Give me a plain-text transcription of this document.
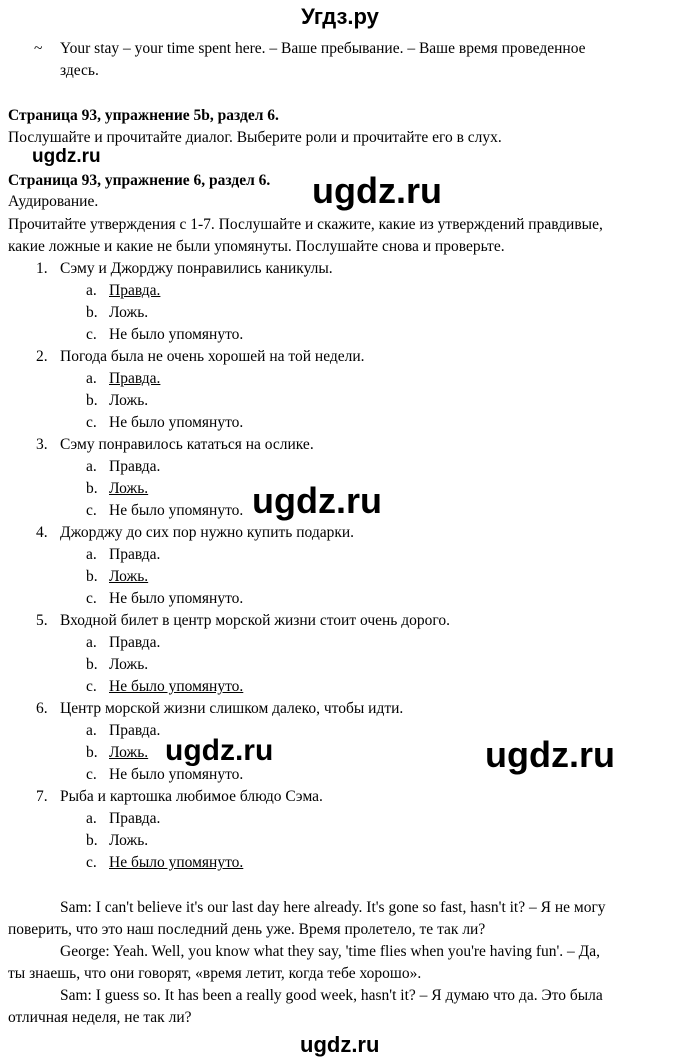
Угдз.ру
~ Your stay – your time spent here. – Ваше пребывание. – Ваше время проведенное
здесь.
Страница 93, упражнение 5b, раздел 6.
Послушайте и прочитайте диалог. Выберите роли и прочитайте его в слух.
ugdz.ru
Страница 93, упражнение 6, раздел 6.
Аудирование.	ugdz.ru
Прочитайте утверждения с 1-7. Послушайте и скажите, какие из утверждений правдивые,
какие ложные и какие не были упомянуты. Послушайте снова и проверьте.
1. Сэму и Джорджу понравились каникулы.
a. Правда.
b. Ложь.
c. Не было упомянуто.
2. Погода была не очень хорошей на той недели.
a. Правда.
b. Ложь.
c. Не было упомянуто.
3. Сэму понравилось кататься на ослике.
a. Правда.
b. Ложь.
c. Не было упомянуто.
4. Джорджу до сих пор нужно купить подарки.
a. Правда.
b. Ложь.
c. Не было упомянуто.
5. Входной билет в центр морской жизни стоит очень дорого.
a. Правда.
b. Ложь.
c. Не было упомянуто.
6. Центр морской жизни слишком далеко, чтобы идти.
a. Правда.
b. Ложь.
c. Не было упомянуто.
7. Рыба и картошка любимое блюдо Сэма.
a. Правда.
b. Ложь.
c. Не было упомянуто.
ugdz.ru
ugdz.ru	ugdz.ru
Sam: I can't believe it's our last day here already. It's gone so fast, hasn't it? – Я не могу
поверить, что это наш последний день уже. Время пролетело, те так ли?
George: Yeah. Well, you know what they say, 'time flies when you're having fun'. – Да,
ты знаешь, что они говорят, «время летит, когда тебе хорошо».
Sam: I guess so. It has been a really good week, hasn't it? – Я думаю что да. Это была
отличная неделя, не так ли?
ugdz.ru
